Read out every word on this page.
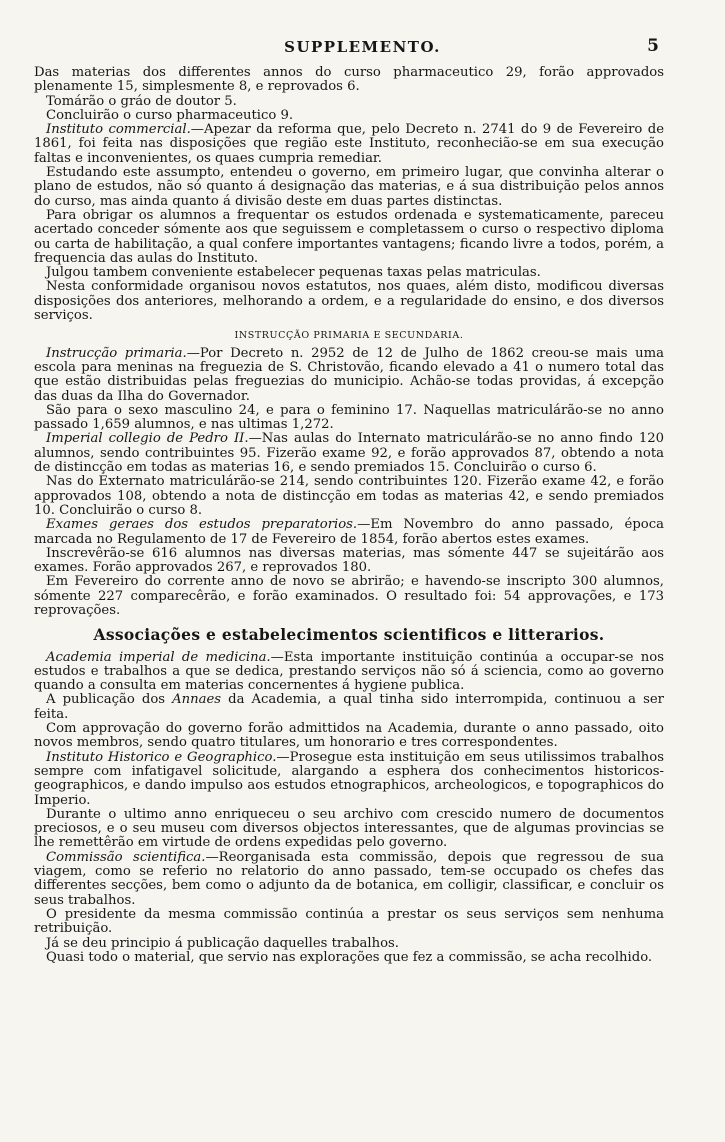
SUPPLEMENTO.	5

Das materias dos differentes annos do curso pharmaceutico 29, forão approvados plenamente 15, simplesmente 8, e reprovados 6.

Tomárão o gráo de doutor 5.

Concluirão o curso pharmaceutico 9.

Instituto commercial.—Apezar da reforma que, pelo Decreto n. 2741 do 9 de Fevereiro de 1861, foi feita nas disposições que região este Instituto, reconhecião-se em sua execução faltas e inconvenientes, os quaes cumpria remediar.

Estudando este assumpto, entendeu o governo, em primeiro lugar, que convinha alterar o plano de estudos, não só quanto á designação das materias, e á sua distribuição pelos annos do curso, mas ainda quanto á divisão deste em duas partes distinctas.

Para obrigar os alumnos a frequentar os estudos ordenada e systematicamente, pareceu acertado conceder sómente aos que seguissem e completassem o curso o respectivo diploma ou carta de habilitação, a qual confere importantes vantagens; ficando livre a todos, porém, a frequencia das aulas do Instituto.

Julgou tambem conveniente estabelecer pequenas taxas pelas matriculas.

Nesta conformidade organisou novos estatutos, nos quaes, além disto, modificou diversas disposições dos anteriores, melhorando a ordem, e a regularidade do ensino, e dos diversos serviços.

INSTRUCÇÃO PRIMARIA E SECUNDARIA.

Instrucção primaria.—Por Decreto n. 2952 de 12 de Julho de 1862 creou-se mais uma escola para meninas na freguezia de S. Christovão, ficando elevado a 41 o numero total das que estão distribuidas pelas freguezias do municipio. Achão-se todas providas, á excepção das duas da Ilha do Governador.

São para o sexo masculino 24, e para o feminino 17. Naquellas matriculárão-se no anno passado 1,659 alumnos, e nas ultimas 1,272.

Imperial collegio de Pedro II.—Nas aulas do Internato matriculárão-se no anno findo 120 alumnos, sendo contribuintes 95. Fizerão exame 92, e forão approvados 87, obtendo a nota de distincção em todas as materias 16, e sendo premiados 15. Concluirão o curso 6.

Nas do Externato matriculárão-se 214, sendo contribuintes 120. Fizerão exame 42, e forão approvados 108, obtendo a nota de distincção em todas as materias 42, e sendo premiados 10. Concluirão o curso 8.

Exames geraes dos estudos preparatorios.—Em Novembro do anno passado, época marcada no Regulamento de 17 de Fevereiro de 1854, forão abertos estes exames.

Inscrevêrão-se 616 alumnos nas diversas materias, mas sómente 447 se sujeitárão aos exames. Forão approvados 267, e reprovados 180.

Em Fevereiro do corrente anno de novo se abrirão; e havendo-se inscripto 300 alumnos, sómente 227 comparecêrão, e forão examinados. O resultado foi: 54 approvações, e 173 reprovações.

Associações e estabelecimentos scientificos e litterarios.

Academia imperial de medicina.—Esta importante instituição continúa a occupar-se nos estudos e trabalhos a que se dedica, prestando serviços não só á sciencia, como ao governo quando a consulta em materias concernentes á hygiene publica.

A publicação dos Annaes da Academia, a qual tinha sido interrompida, continuou a ser feita.

Com approvação do governo forão admittidos na Academia, durante o anno passado, oito novos membros, sendo quatro titulares, um honorario e tres correspondentes.

Instituto Historico e Geographico.—Prosegue esta instituição em seus utilissimos trabalhos sempre com infatigavel solicitude, alargando a esphera dos conhecimentos historicos-geographicos, e dando impulso aos estudos etnographicos, archeologicos, e topographicos do Imperio.

Durante o ultimo anno enriqueceu o seu archivo com crescido numero de documentos preciosos, e o seu museu com diversos objectos interessantes, que de algumas provincias se lhe remettêrão em virtude de ordens expedidas pelo governo.

Commissão scientifica.—Reorganisada esta commissão, depois que regressou de sua viagem, como se referio no relatorio do anno passado, tem-se occupado os chefes das differentes secções, bem como o adjunto da de botanica, em colligir, classificar, e concluir os seus trabalhos.

O presidente da mesma commissão continúa a prestar os seus serviços sem nenhuma retribuição.

Já se deu principio á publicação daquelles trabalhos.

Quasi todo o material, que servio nas explorações que fez a commissão, se acha recolhido.
